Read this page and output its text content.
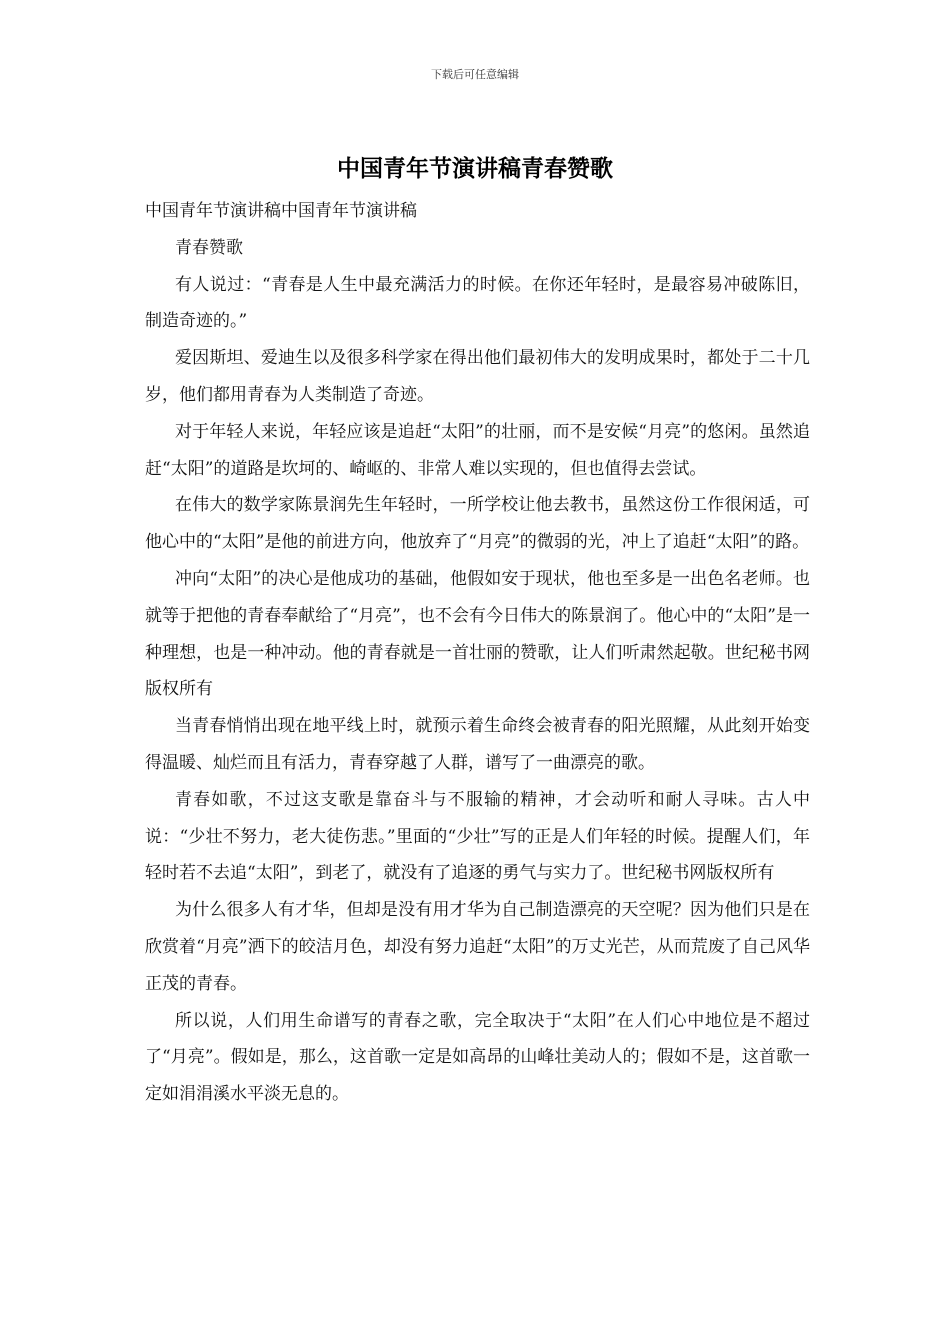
下载后可任意编辑
中国青年节演讲稿青春赞歌

中国青年节演讲稿中国青年节演讲稿

青春赞歌

有人说过：“青春是人生中最充满活力的时候。在你还年轻时，是最容易冲破陈旧，制造奇迹的。”

爱因斯坦、爱迪生以及很多科学家在得出他们最初伟大的发明成果时，都处于二十几岁，他们都用青春为人类制造了奇迹。

对于年轻人来说，年轻应该是追赶“太阳”的壮丽，而不是安候“月亮”的悠闲。虽然追赶“太阳”的道路是坎坷的、崎岖的、非常人难以实现的，但也值得去尝试。

在伟大的数学家陈景润先生年轻时，一所学校让他去教书，虽然这份工作很闲适，可他心中的“太阳”是他的前进方向，他放弃了“月亮”的微弱的光，冲上了追赶“太阳”的路。

冲向“太阳”的决心是他成功的基础，他假如安于现状，他也至多是一出色名老师。也就等于把他的青春奉献给了“月亮”，也不会有今日伟大的陈景润了。他心中的“太阳”是一种理想，也是一种冲动。他的青春就是一首壮丽的赞歌，让人们听肃然起敬。世纪秘书网版权所有

当青春悄悄出现在地平线上时，就预示着生命终会被青春的阳光照耀，从此刻开始变得温暖、灿烂而且有活力，青春穿越了人群，谱写了一曲漂亮的歌。

青春如歌，不过这支歌是靠奋斗与不服输的精神，才会动听和耐人寻味。古人中说：“少壮不努力，老大徒伤悲。”里面的“少壮”写的正是人们年轻的时候。提醒人们，年轻时若不去追“太阳”，到老了，就没有了追逐的勇气与实力了。世纪秘书网版权所有

为什么很多人有才华，但却是没有用才华为自己制造漂亮的天空呢？因为他们只是在欣赏着“月亮”洒下的皎洁月色，却没有努力追赶“太阳”的万丈光芒，从而荒废了自己风华正茂的青春。

所以说，人们用生命谱写的青春之歌，完全取决于“太阳”在人们心中地位是不超过了“月亮”。假如是，那么，这首歌一定是如高昂的山峰壮美动人的；假如不是，这首歌一定如涓涓溪水平淡无息的。
